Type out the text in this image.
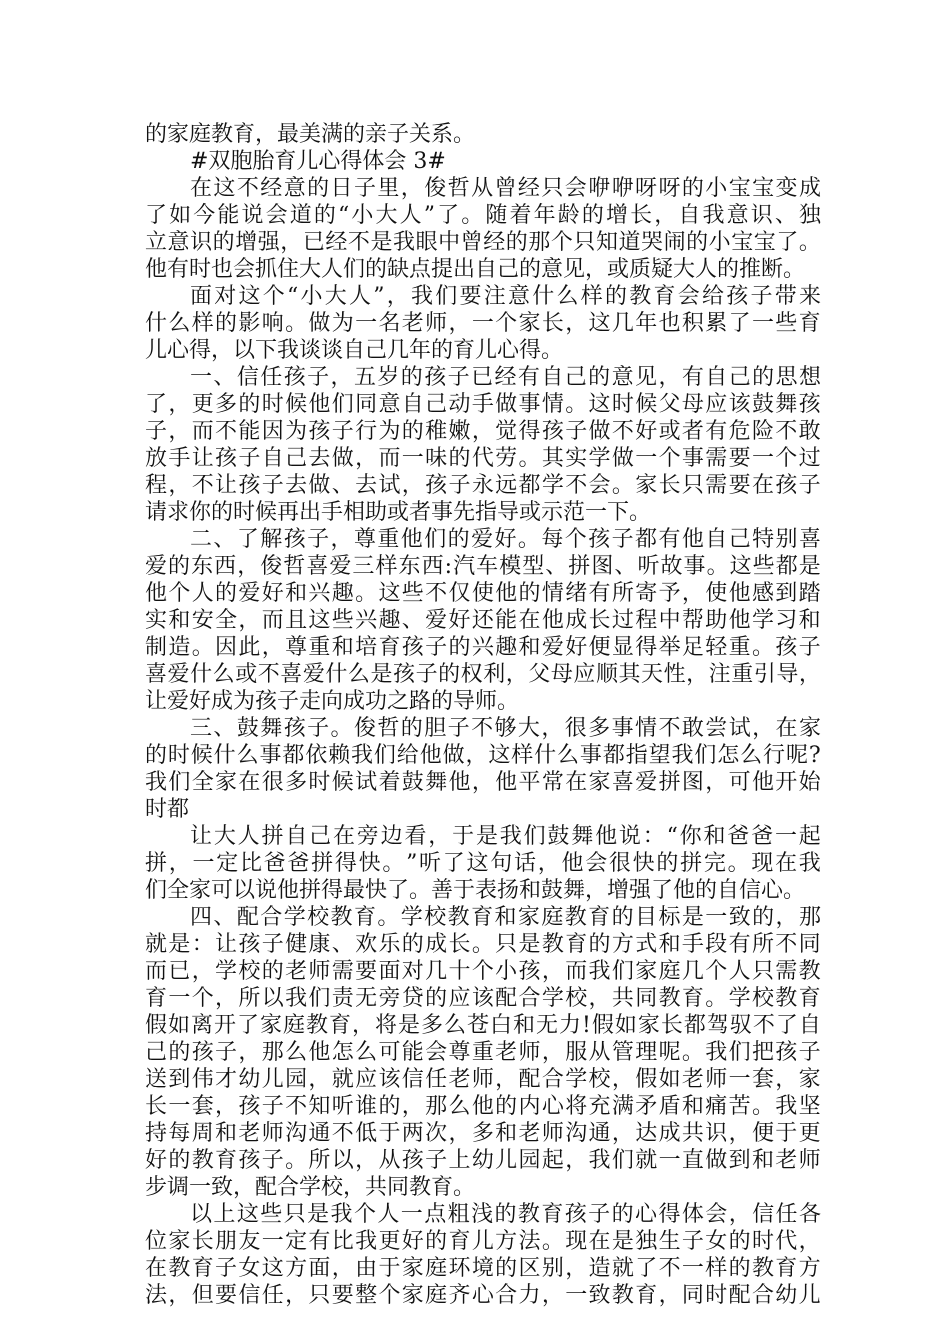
的家庭教育，最美满的亲子关系。
#双胞胎育儿心得体会 3#
在 这 不 经 意 的 日 子 里 ， 俊 哲 从 曾 经 只 会 咿 咿 呀 呀 的 小 宝 宝 变 成
了 如 今 能 说 会 道 的 “ 小 大 人 ” 了 。 随 着 年 龄 的 增 长 ， 自 我 意 识 、 独
立 意 识 的 增 强 ， 已 经 不 是 我 眼 中 曾 经 的 那 个 只 知 道 哭 闹 的 小 宝 宝 了 。
他有时也会抓住大人们的缺点提出自己的意见，或质疑大人的推断。
面 对 这 个 “ 小 大 人 ” ， 我 们 要 注 意 什 么 样 的 教 育 会 给 孩 子 带 来
什 么 样 的 影 响 。 做 为 一 名 老 师 ， 一 个 家 长 ， 这 几 年 也 积 累 了 一 些 育
儿心得，以下我谈谈自己几年的育儿心得。
一 、 信 任 孩 子 ， 五 岁 的 孩 子 已 经 有 自 己 的 意 见 ， 有 自 己 的 思 想
了 ， 更 多 的 时 候 他 们 同 意 自 己 动 手 做 事 情 。 这 时 候 父 母 应 该 鼓 舞 孩
子 ， 而 不 能 因 为 孩 子 行 为 的 稚 嫩 ， 觉 得 孩 子 做 不 好 或 者 有 危 险 不 敢
放 手 让 孩 子 自 己 去 做 ， 而 一 味 的 代 劳 。 其 实 学 做 一 个 事 需 要 一 个 过
程 ， 不 让 孩 子 去 做 、 去 试 ， 孩 子 永 远 都 学 不 会 。 家 长 只 需 要 在 孩 子
请求你的时候再出手相助或者事先指导或示范一下。
二 、 了 解 孩 子 ， 尊 重 他 们 的 爱 好 。 每 个 孩 子 都 有 他 自 己 特 别 喜
爱 的 东 西 ， 俊 哲 喜 爱 三 样 东 西 : 汽 车 模 型 、 拼 图 、 听 故 事 。 这 些 都 是
他 个 人 的 爱 好 和 兴 趣 。 这 些 不 仅 使 他 的 情 绪 有 所 寄 予 ， 使 他 感 到 踏
实 和 安 全 ， 而 且 这 些 兴 趣 、 爱 好 还 能 在 他 成 长 过 程 中 帮 助 他 学 习 和
制 造 。 因 此 ， 尊 重 和 培 育 孩 子 的 兴 趣 和 爱 好 便 显 得 举 足 轻 重 。 孩 子
喜 爱 什 么 或 不 喜 爱 什 么 是 孩 子 的 权 利 ， 父 母 应 顺 其 天 性 ， 注 重 引 导 ，
让爱好成为孩子走向成功之路的导师。
三 、 鼓 舞 孩 子 。 俊 哲 的 胆 子 不 够 大 ， 很 多 事 情 不 敢 尝 试 ， 在 家
的 时 候 什 么 事 都 依 赖 我 们 给 他 做 ， 这 样 什 么 事 都 指 望 我 们 怎 么 行 呢 ?
我 们 全 家 在 很 多 时 候 试 着 鼓 舞 他 ， 他 平 常 在 家 喜 爱 拼 图 ， 可 他 开 始
时都
让 大 人 拼 自 己 在 旁 边 看 ， 于 是 我 们 鼓 舞 他 说 ： “ 你 和 爸 爸 一 起
拼 ， 一 定 比 爸 爸 拼 得 快 。 ” 听 了 这 句 话 ， 他 会 很 快 的 拼 完 。 现 在 我
们全家可以说他拼得最快了。善于表扬和鼓舞，增强了他的自信心。
四 、 配 合 学 校 教 育 。 学 校 教 育 和 家 庭 教 育 的 目 标 是 一 致 的 ， 那
就 是 ： 让 孩 子 健 康 、 欢 乐 的 成 长 。 只 是 教 育 的 方 式 和 手 段 有 所 不 同
而 已 ， 学 校 的 老 师 需 要 面 对 几 十 个 小 孩 ， 而 我 们 家 庭 几 个 人 只 需 教
育 一 个 ， 所 以 我 们 责 无 旁 贷 的 应 该 配 合 学 校 ， 共 同 教 育 。 学 校 教 育
假 如 离 开 了 家 庭 教 育 ， 将 是 多 么 苍 白 和 无 力 ! 假 如 家 长 都 驾 驭 不 了 自
己 的 孩 子 ， 那 么 他 怎 么 可 能 会 尊 重 老 师 ， 服 从 管 理 呢 。 我 们 把 孩 子
送 到 伟 才 幼 儿 园 ， 就 应 该 信 任 老 师 ， 配 合 学 校 ， 假 如 老 师 一 套 ， 家
长 一 套 ， 孩 子 不 知 听 谁 的 ， 那 么 他 的 内 心 将 充 满 矛 盾 和 痛 苦 。 我 坚
持 每 周 和 老 师 沟 通 不 低 于 两 次 ， 多 和 老 师 沟 通 ， 达 成 共 识 ， 便 于 更
好 的 教 育 孩 子 。 所 以 ， 从 孩 子 上 幼 儿 园 起 ， 我 们 就 一 直 做 到 和 老 师
步调一致，配合学校，共同教育。
以 上 这 些 只 是 我 个 人 一 点 粗 浅 的 教 育 孩 子 的 心 得 体 会 ， 信 任 各
位 家 长 朋 友 一 定 有 比 我 更 好 的 育 儿 方 法 。 现 在 是 独 生 子 女 的 时 代 ，
在 教 育 子 女 这 方 面 ， 由 于 家 庭 环 境 的 区 别 ， 造 就 了 不 一 样 的 教 育 方
法 ， 但 要 信 任 ， 只 要 整 个 家 庭 齐 心 合 力 ， 一 致 教 育 ， 同 时 配 合 幼 儿
